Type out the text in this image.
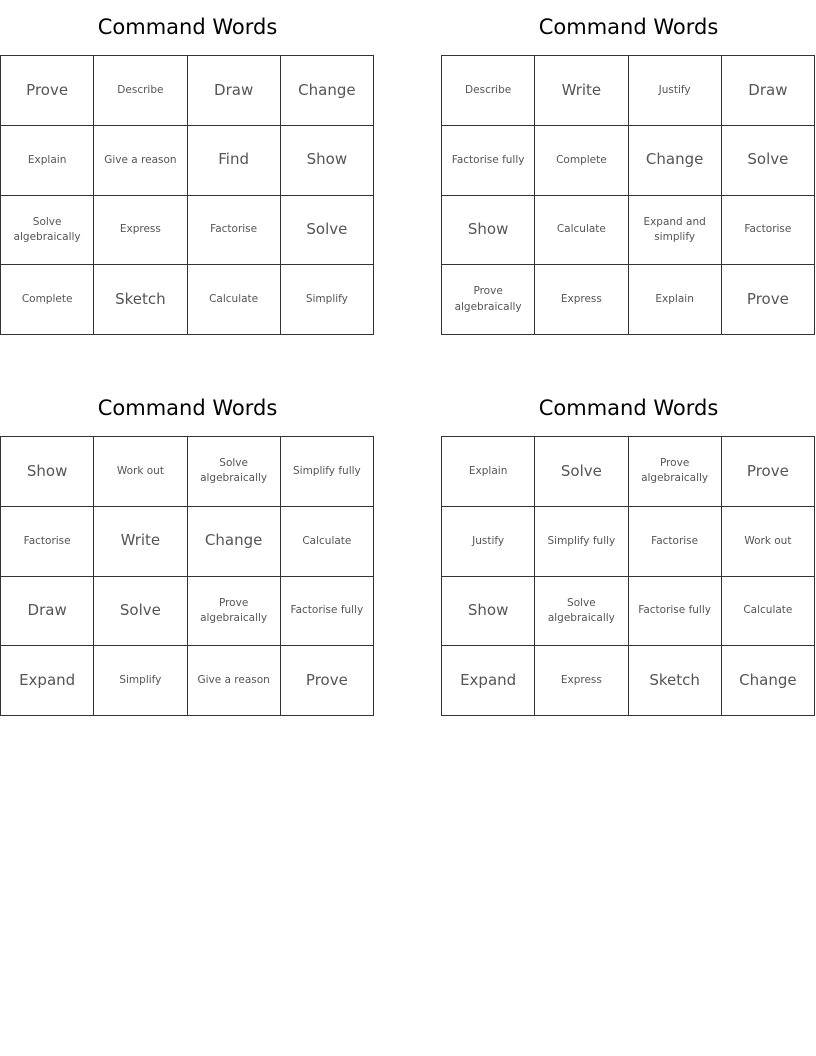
Command Words
Prove	Describe	Draw	Change
Explain	Give a reason	Find	Show
Solve algebraically	Express	Factorise	Solve
Complete	Sketch	Calculate	Simplify
Command Words
Describe	Write	Justify	Draw
Factorise fully	Complete	Change	Solve
Show	Calculate	Expand and simplify	Factorise
Prove algebraically	Express	Explain	Prove
Command Words
Show	Work out	Solve algebraically	Simplify fully
Factorise	Write	Change	Calculate
Draw	Solve	Prove algebraically	Factorise fully
Expand	Simplify	Give a reason	Prove
Command Words
Explain	Solve	Prove algebraically	Prove
Justify	Simplify fully	Factorise	Work out
Show	Solve algebraically	Factorise fully	Calculate
Expand	Express	Sketch	Change
